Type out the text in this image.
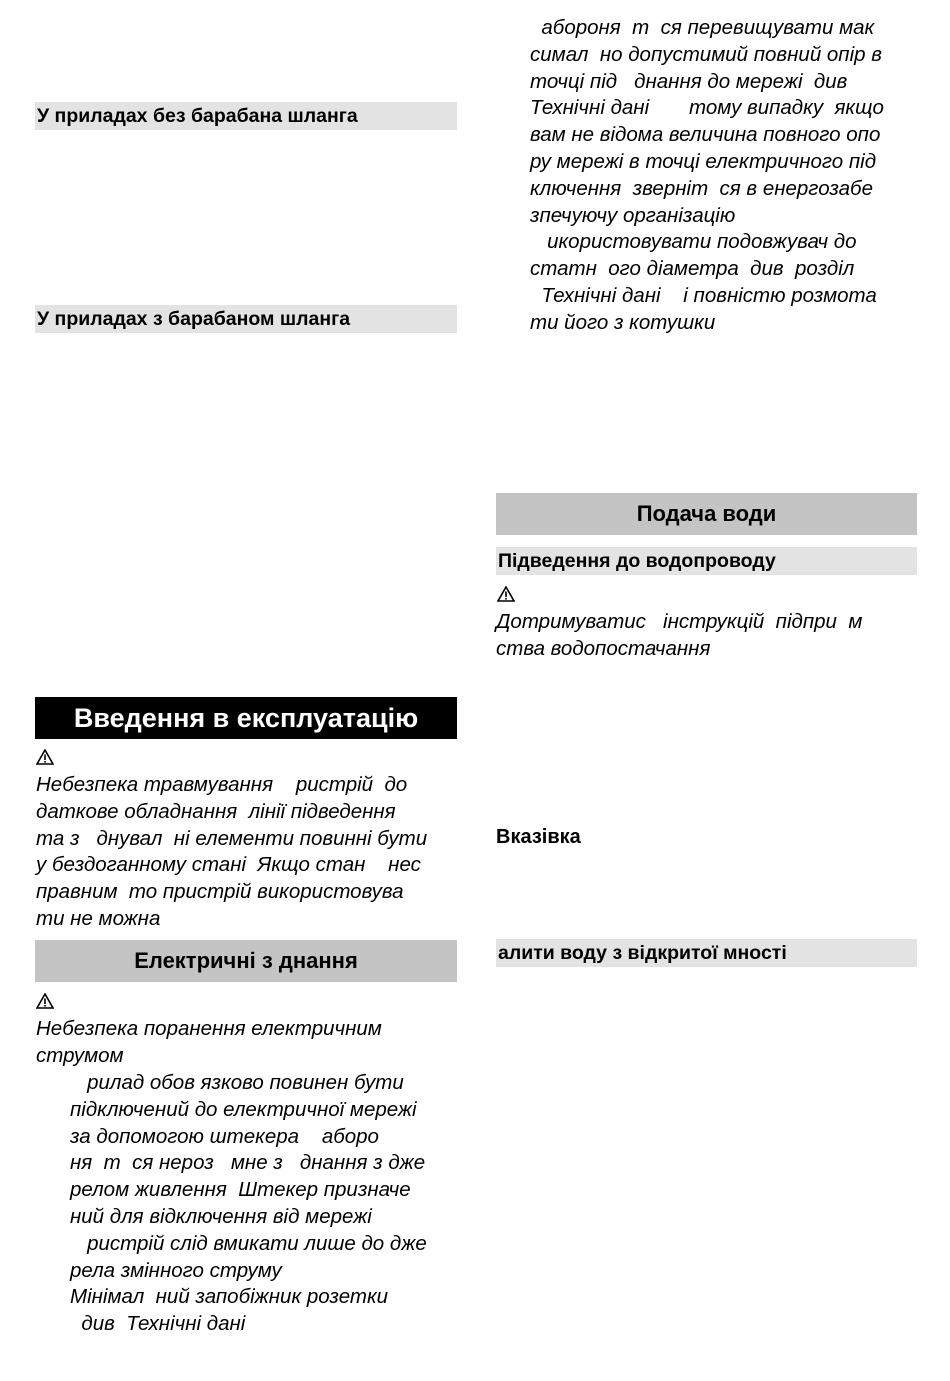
У приладах без барабана шланга
У приладах з барабаном шланга
Введення в експлуатацію
Небезпека травмування    ристрій  до
даткове обладнання  лінії підведення
та з   днувал  ні елементи повинні бути
у бездоганному стані  Якщо стан    нес
правним  то пристрій використовува
ти не можна
Електричні з днання
Небезпека поранення електричним
струмом
рилад обов язково повинен бути
підключений до електричної мережі
за допомогою штекера    аборо
ня  т  ся нероз   мне з   днання з дже
релом живлення  Штекер призначе
ний для відключення від мережі
ристрій слід вмикати лише до дже
рела змінного струму
Мінімал  ний запобіжник розетки
див  Технічні дані
абороня  т  ся перевищувати мак
симал  но допустимий повний опір в
точці під   днання до мережі  див
Технічні дані       тому випадку  якщо
вам не відома величина повного опо
ру мережі в точці електричного під
ключення  зверніт  ся в енергозабе
зпечуючу організацію
икористовувати подовжувач до
статн  ого діаметра  див  розділ
Технічні дані    і повністю розмота
ти його з котушки
Подача води
Підведення до водопроводу
Дотримуватис   інструкцій  підпри  м
ства водопостачання
Вказівка
алити воду з відкритої мності
